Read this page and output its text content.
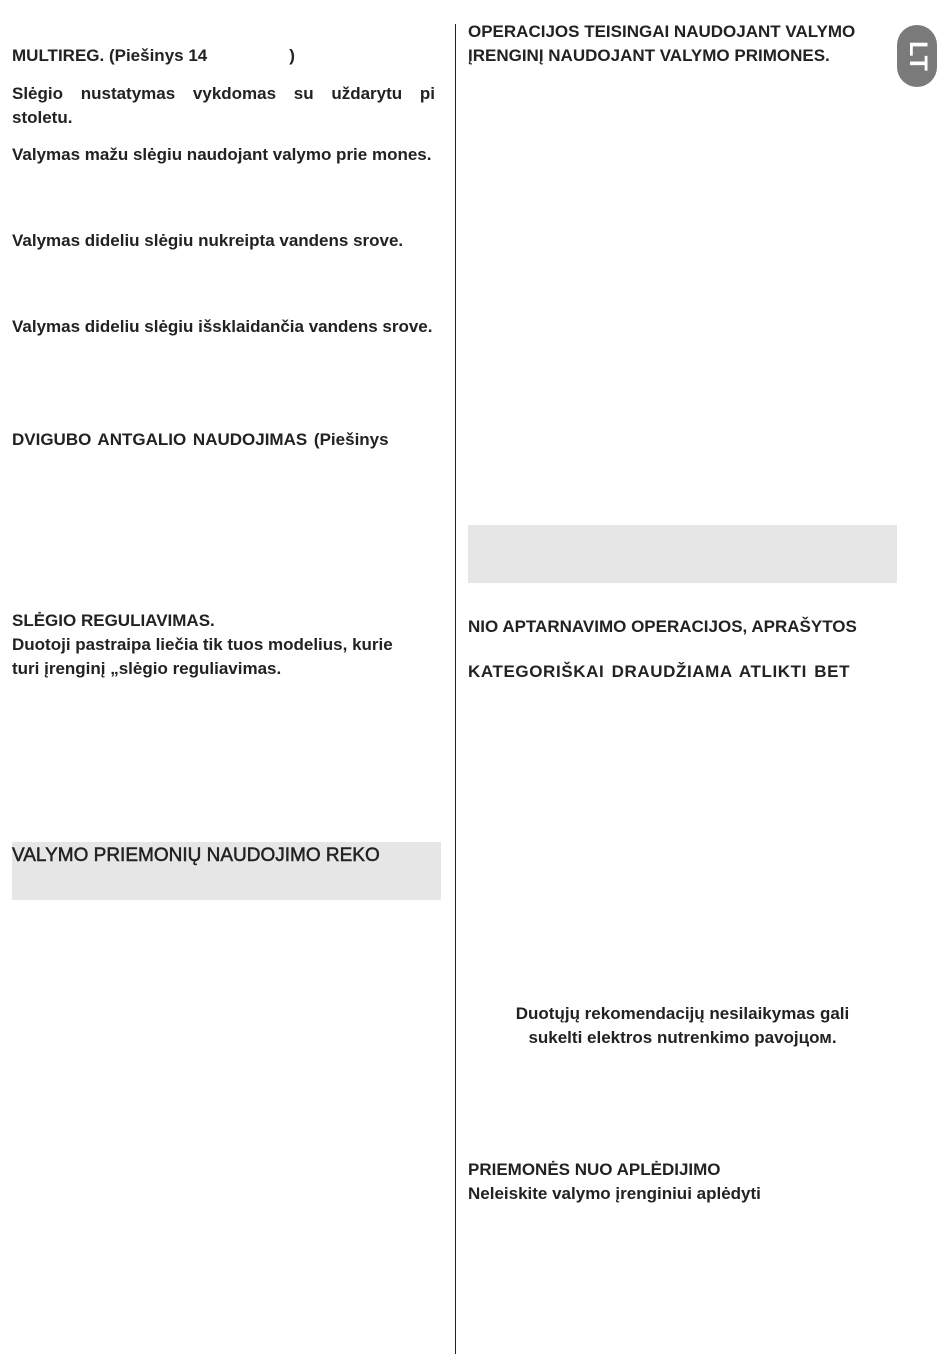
LT

MULTIREG. (Piešinys 14	)

Slėgio nustatymas vykdomas su uždarytu pi stoletu.

Valymas mažu slėgiu naudojant valymo prie mones.

Valymas dideliu slėgiu nukreipta vandens srove.

Valymas dideliu slėgiu išsklaidančia vandens srove.

DVIGUBO ANTGALIO NAUDOJIMAS (Piešinys

SLĖGIO REGULIAVIMAS.

Duotoji pastraipa liečia tik tuos modelius, kurie

turi įrenginį „slėgio reguliavimas.

VALYMO PRIEMONIŲ NAUDOJIMO REKO

OPERACIJOS TEISINGAI NAUDOJANT VALYMO

ĮRENGINĮ NAUDOJANT VALYMO PRIMONES.

NIO APTARNAVIMO OPERACIJOS, APRAŠYTOS

KATEGORIŠKAI DRAUDŽIAMA ATLIKTI BET

Duotųjų rekomendacijų nesilaikymas gali

sukelti elektros nutrenkimo pavojцом.

PRIEMONĖS NUO APLĖDIJIMO

Neleiskite valymo įrenginiui aplėdyti
